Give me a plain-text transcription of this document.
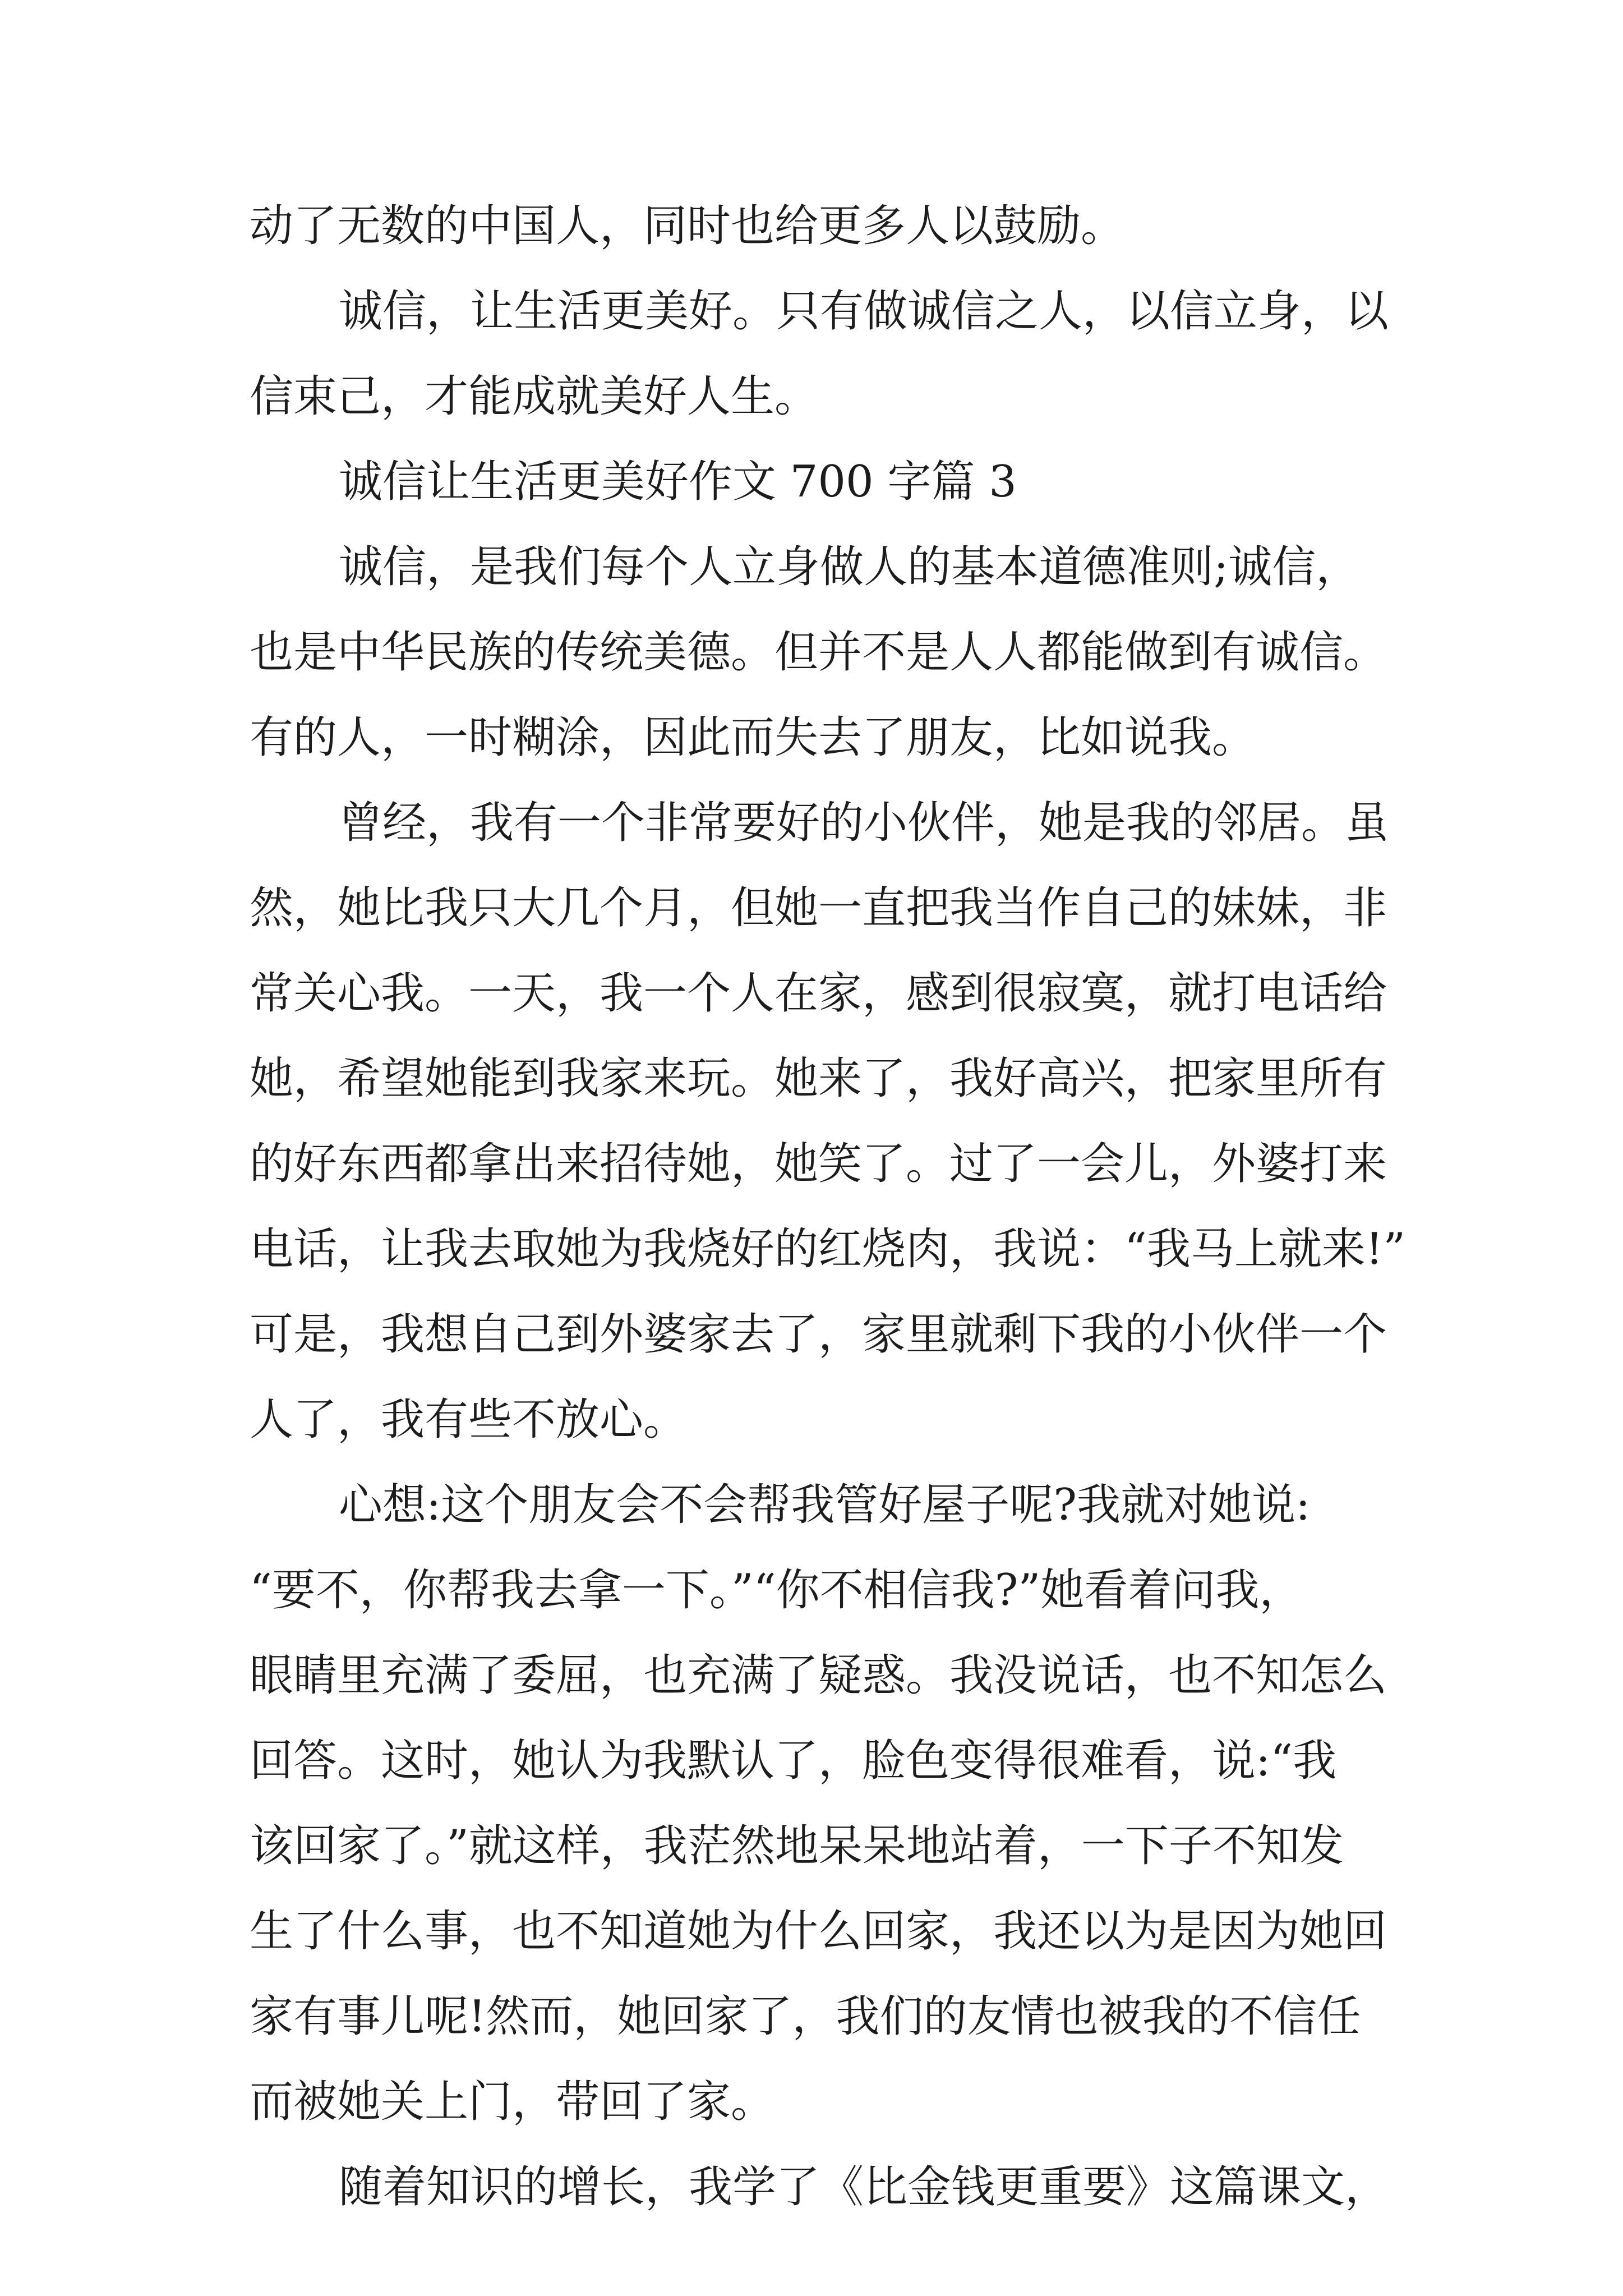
动了无数的中国人，同时也给更多人以鼓励。

诚信，让生活更美好。只有做诚信之人，以信立身，以

信束己，才能成就美好人生。

诚信让生活更美好作文 700 字篇 3

诚信，是我们每个人立身做人的基本道德准则;诚信，

也是中华民族的传统美德。但并不是人人都能做到有诚信。

有的人，一时糊涂，因此而失去了朋友，比如说我。

曾经，我有一个非常要好的小伙伴，她是我的邻居。虽

然，她比我只大几个月，但她一直把我当作自己的妹妹，非

常关心我。一天，我一个人在家，感到很寂寞，就打电话给

她，希望她能到我家来玩。她来了，我好高兴，把家里所有

的好东西都拿出来招待她，她笑了。过了一会儿，外婆打来

电话，让我去取她为我烧好的红烧肉，我说：“我马上就来!”

可是，我想自己到外婆家去了，家里就剩下我的小伙伴一个

人了，我有些不放心。

心想:这个朋友会不会帮我管好屋子呢?我就对她说:

“要不，你帮我去拿一下。”“你不相信我?”她看着问我，

眼睛里充满了委屈，也充满了疑惑。我没说话，也不知怎么

回答。这时，她认为我默认了，脸色变得很难看，说:“我

该回家了。”就这样，我茫然地呆呆地站着，一下子不知发

生了什么事，也不知道她为什么回家，我还以为是因为她回

家有事儿呢!然而，她回家了，我们的友情也被我的不信任

而被她关上门，带回了家。

随着知识的增长，我学了《比金钱更重要》这篇课文，
